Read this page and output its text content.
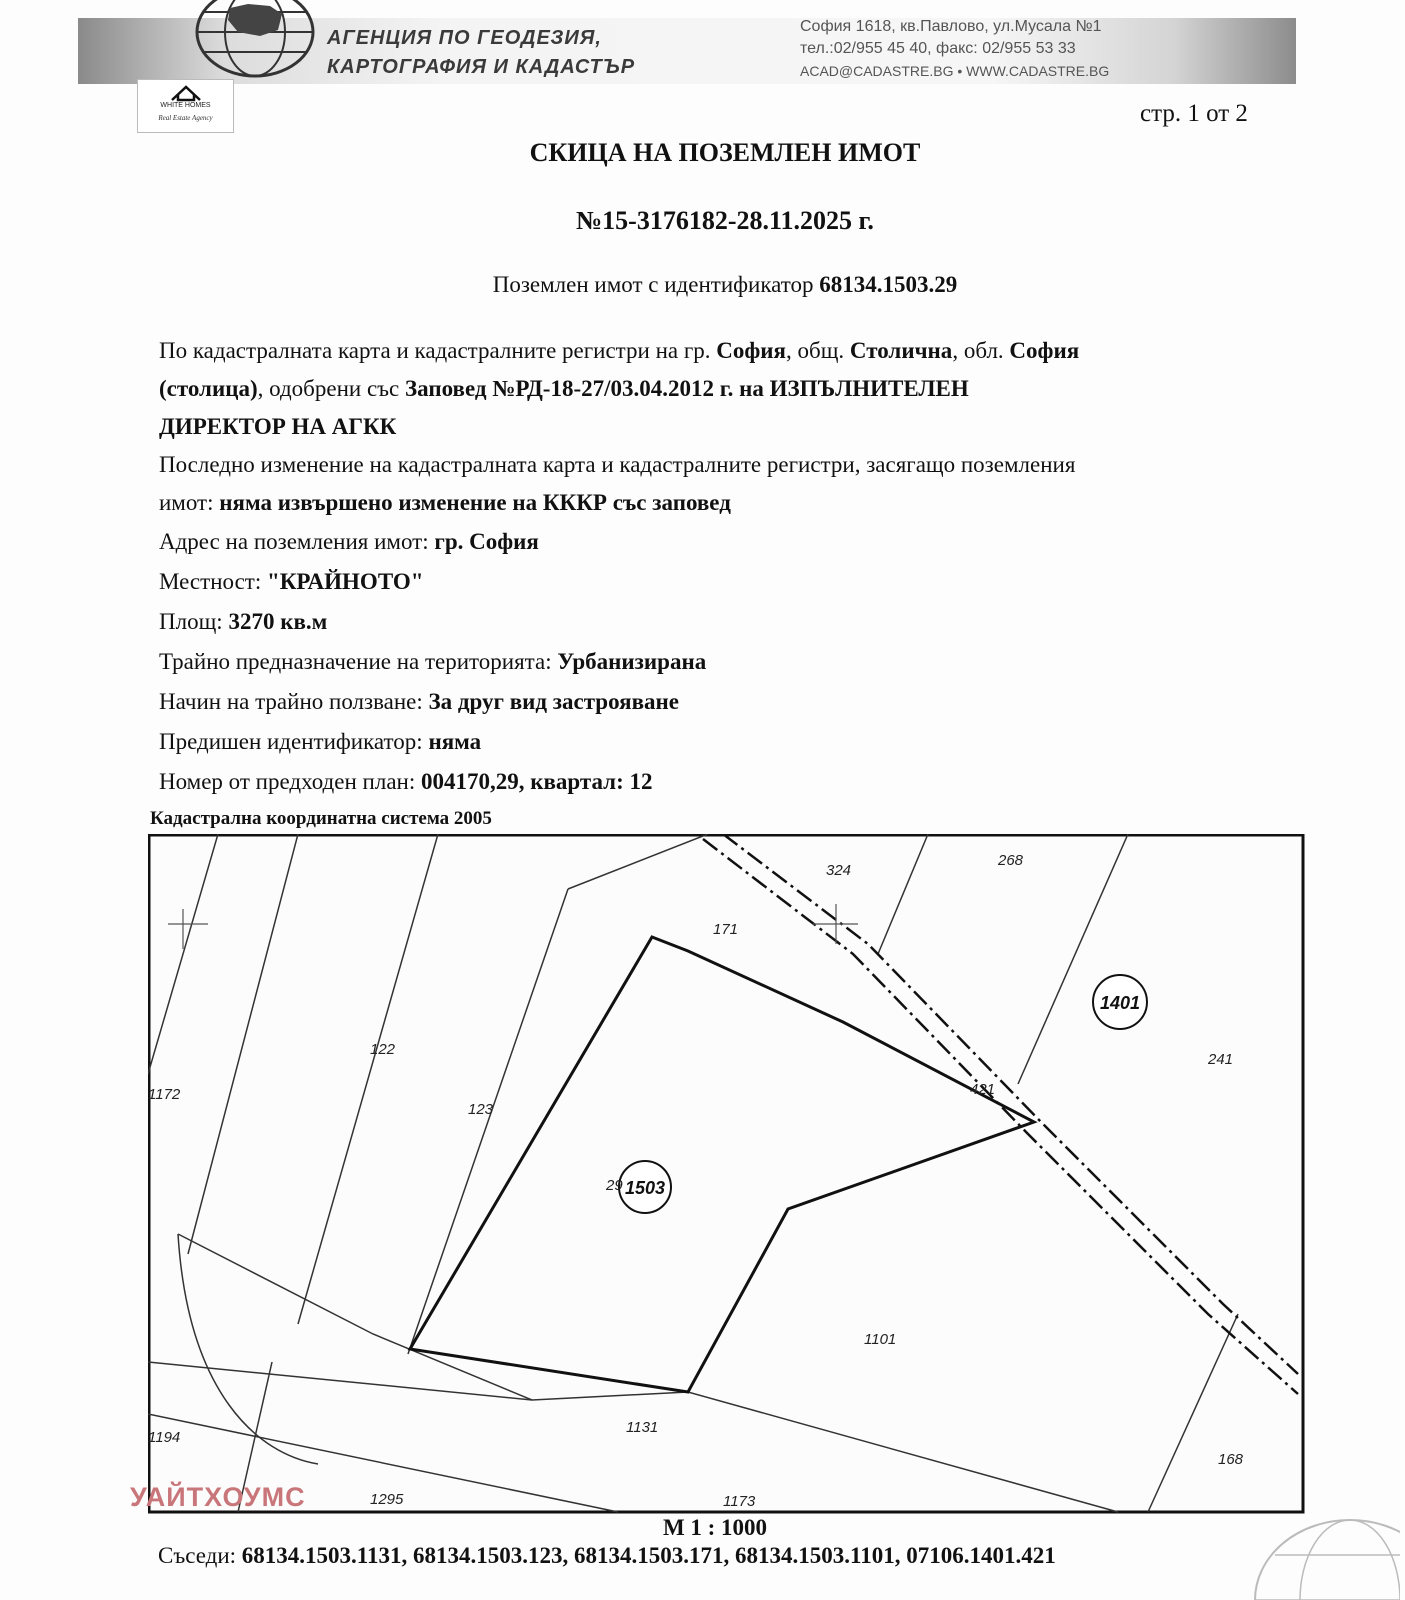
АГЕНЦИЯ ПО ГЕОДЕЗИЯ,
КАРТОГРАФИЯ И КАДАСТЪР
София 1618, кв.Павлово, ул.Мусала №1
тел.:02/955 45 40, факс: 02/955 53 33
ACAD@CADASTRE.BG • WWW.CADASTRE.BG
WHITE HOMES
Real Estate Agency	стр. 1 от 2
СКИЦА НА ПОЗЕМЛЕН ИМОТ
№15-3176182-28.11.2025 г.
Поземлен имот с идентификатор 68134.1503.29
По кадастралната карта и кадастралните регистри на гр. София, общ. Столична, обл. София
(столица), одобрени със Заповед №РД-18-27/03.04.2012 г. на ИЗПЪЛНИТЕЛЕН
ДИРЕКТОР НА АГКК
Последно изменение на кадастралната карта и кадастралните регистри, засягащо поземления
имот: няма извършено изменение на КККР със заповед
Адрес на поземления имот: гр. София
Местност: "КРАЙНОТО"
Площ: 3270 кв.м
Трайно предназначение на територията: Урбанизирана
Начин на трайно ползване: За друг вид застрояване
Предишен идентификатор: няма
Номер от предходен план: 004170,29, квартал: 12
Кадастрална координатна система 2005
1503
1401
324
268
171
122
123
1172
29
421
241
1101
1131
1194
1295	1173
168
УАЙТХОУМС
М 1 : 1000
Съседи: 68134.1503.1131, 68134.1503.123, 68134.1503.171, 68134.1503.1101, 07106.1401.421
